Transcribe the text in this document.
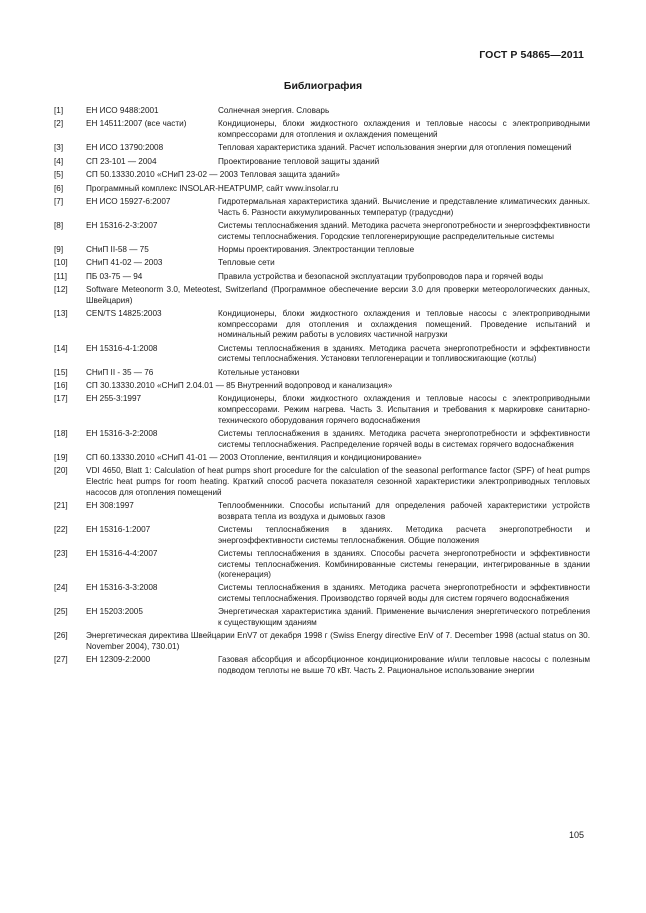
ГОСТ Р 54865—2011
Библиография
[1]	ЕН ИСО 9488:2001	Солнечная энергия. Словарь
[2]	ЕН 14511:2007 (все части)	Кондиционеры, блоки жидкостного охлаждения и тепловые насосы с электроприводными компрессорами для отопления и охлаждения помещений
[3]	ЕН ИСО 13790:2008	Тепловая характеристика зданий. Расчет использования энергии для отопления помещений
[4]	СП 23-101 — 2004	Проектирование тепловой защиты зданий
[5]	СП 50.13330.2010 «СНиП 23-02 — 2003 Тепловая защита зданий»
[6]	Программный комплекс INSOLAR-HEATPUMP, сайт www.insolar.ru
[7]	ЕН ИСО 15927-6:2007	Гидротермальная характеристика зданий. Вычисление и представление климатических данных. Часть 6. Разности аккумулированных температур (градусдни)
[8]	ЕН 15316-2-3:2007	Системы теплоснабжения зданий. Методика расчета энергопотребности и энергоэффективности системы теплоснабжения. Городские теплогенерирующие распределительные системы
[9]	СНиП II-58 — 75	Нормы проектирования. Электростанции тепловые
[10]	СНиП 41-02 — 2003	Тепловые сети
[11]	ПБ 03-75 — 94	Правила устройства и безопасной эксплуатации трубопроводов пара и горячей воды
[12]	Software Meteonorm 3.0, Meteotest, Switzerland (Программное обеспечение версии 3.0 для проверки метеорологических данных, Швейцария)
[13]	CEN/TS 14825:2003	Кондиционеры, блоки жидкостного охлаждения и тепловые насосы с электроприводными компрессорами для отопления и охлаждения помещений. Проведение испытаний и номинальный режим работы в условиях частичной нагрузки
[14]	ЕН 15316-4-1:2008	Системы теплоснабжения в зданиях. Методика расчета энергопотребности и эффективности системы теплоснабжения. Установки теплогенерации и топливосжигающие (котлы)
[15]	СНиП II - 35 — 76	Котельные установки
[16]	СП 30.13330.2010 «СНиП 2.04.01 — 85 Внутренний водопровод и канализация»
[17]	ЕН 255-3:1997	Кондиционеры, блоки жидкостного охлаждения и тепловые насосы с электроприводными компрессорами. Режим нагрева. Часть 3. Испытания и требования к маркировке санитарно-технического оборудования горячего водоснабжения
[18]	ЕН 15316-3-2:2008	Системы теплоснабжения в зданиях. Методика расчета энергопотребности и эффективности системы теплоснабжения. Распределение горячей воды в системах горячего водоснабжения
[19]	СП 60.13330.2010 «СНиП 41-01 — 2003 Отопление, вентиляция и кондиционирование»
[20]	VDI 4650, Blatt 1: Calculation of heat pumps short procedure for the calculation of the seasonal performance factor (SPF) of heat pumps Electric heat pumps for room heating. Краткий способ расчета показателя сезонной характеристики электроприводных тепловых насосов для отопления помещений
[21]	ЕН 308:1997	Теплообменники. Способы испытаний для определения рабочей характеристики устройств возврата тепла из воздуха и дымовых газов
[22]	ЕН 15316-1:2007	Системы теплоснабжения в зданиях. Методика расчета энергопотребности и энергоэффективности системы теплоснабжения. Общие положения
[23]	ЕН 15316-4-4:2007	Системы теплоснабжения в зданиях. Способы расчета энергопотребности и эффективности системы теплоснабжения. Комбинированные системы генерации, интегрированные в здании (когенерация)
[24]	ЕН 15316-3-3:2008	Системы теплоснабжения в зданиях. Методика расчета энергопотребности и эффективности системы теплоснабжения. Производство горячей воды для систем горячего водоснабжения
[25]	ЕН 15203:2005	Энергетическая характеристика зданий. Применение вычисления энергетического потребления к существующим зданиям
[26]	Энергетическая директива Швейцарии EnV7 от декабря 1998 г (Swiss Energy directive EnV of 7. December 1998 (actual status on 30. November 2004), 730.01)
[27]	ЕН 12309-2:2000	Газовая абсорбция и абсорбционное кондиционирование и/или тепловые насосы с полезным подводом теплоты не выше 70 кВт. Часть 2. Рациональное использование энергии
105
